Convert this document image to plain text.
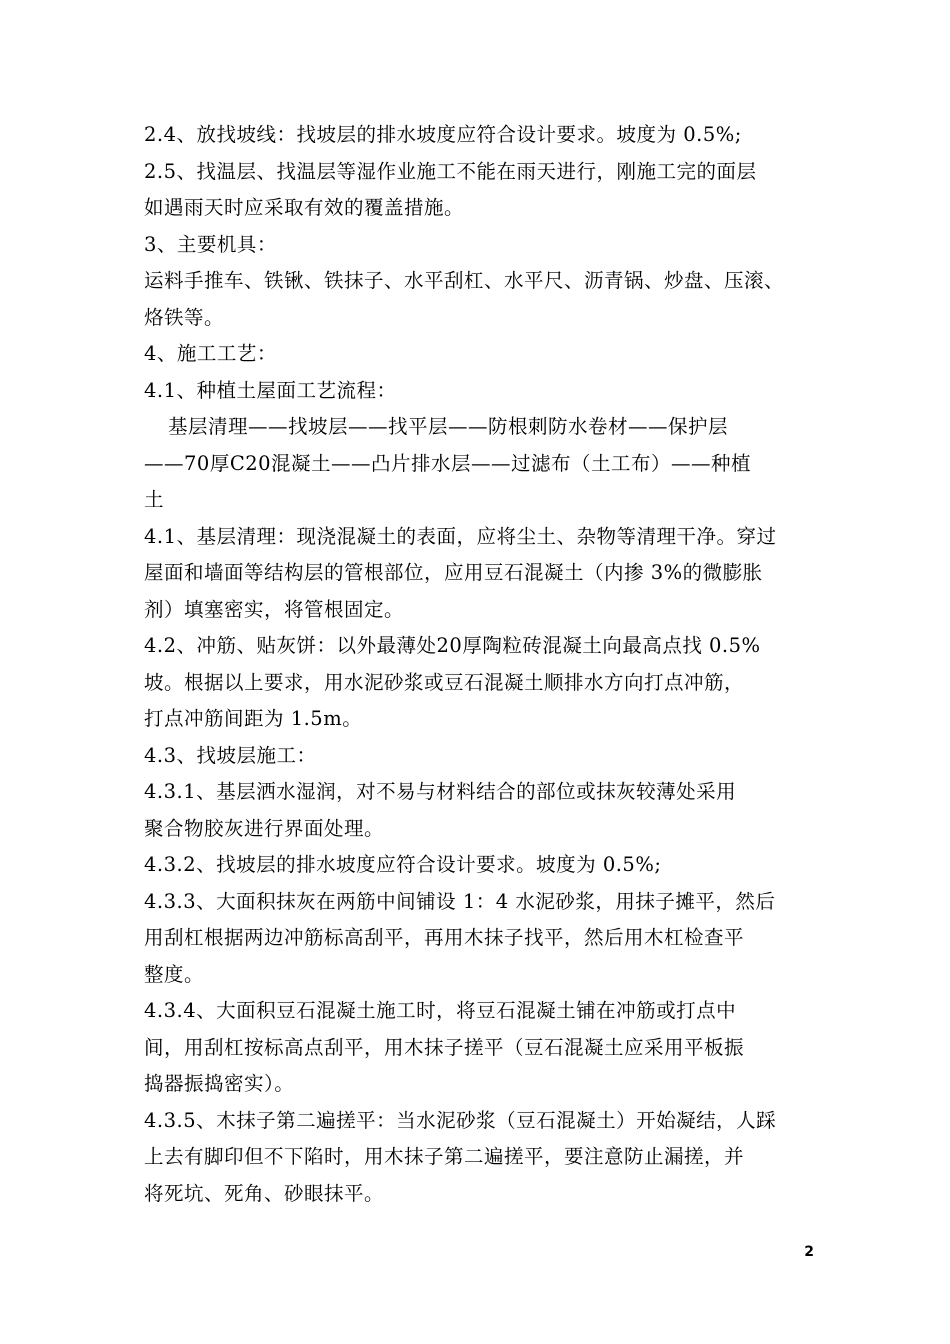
2.4、放找坡线：找坡层的排水坡度应符合设计要求。坡度为 0.5%;
2.5、找温层、找温层等湿作业施工不能在雨天进行，刚施工完的面层
如遇雨天时应采取有效的覆盖措施。
3、主要机具：
运料手推车、铁锹、铁抹子、水平刮杠、水平尺、沥青锅、炒盘、压滚、
烙铁等。
4、施工工艺：
4.1、种植土屋面工艺流程：
基层清理——找坡层——找平层——防根刺防水卷材——保护层
——70厚C20混凝土——凸片排水层——过滤布（土工布）——种植
土
4.1、基层清理：现浇混凝土的表面，应将尘土、杂物等清理干净。穿过
屋面和墙面等结构层的管根部位，应用豆石混凝土（内掺 3%的微膨胀
剂）填塞密实，将管根固定。
4.2、冲筋、贴灰饼：以外最薄处20厚陶粒砖混凝土向最高点找 0.5%
坡。根据以上要求，用水泥砂浆或豆石混凝土顺排水方向打点冲筋，
打点冲筋间距为 1.5m。
4.3、找坡层施工：
4.3.1、基层洒水湿润，对不易与材料结合的部位或抹灰较薄处采用
聚合物胶灰进行界面处理。
4.3.2、找坡层的排水坡度应符合设计要求。坡度为 0.5%;
4.3.3、大面积抹灰在两筋中间铺设 1：4 水泥砂浆，用抹子摊平，然后
用刮杠根据两边冲筋标高刮平，再用木抹子找平，然后用木杠检查平
整度。
4.3.4、大面积豆石混凝土施工时，将豆石混凝土铺在冲筋或打点中
间，用刮杠按标高点刮平，用木抹子搓平（豆石混凝土应采用平板振
捣器振捣密实）。
4.3.5、木抹子第二遍搓平：当水泥砂浆（豆石混凝土）开始凝结，人踩
上去有脚印但不下陷时，用木抹子第二遍搓平，要注意防止漏搓，并
将死坑、死角、砂眼抹平。
2
